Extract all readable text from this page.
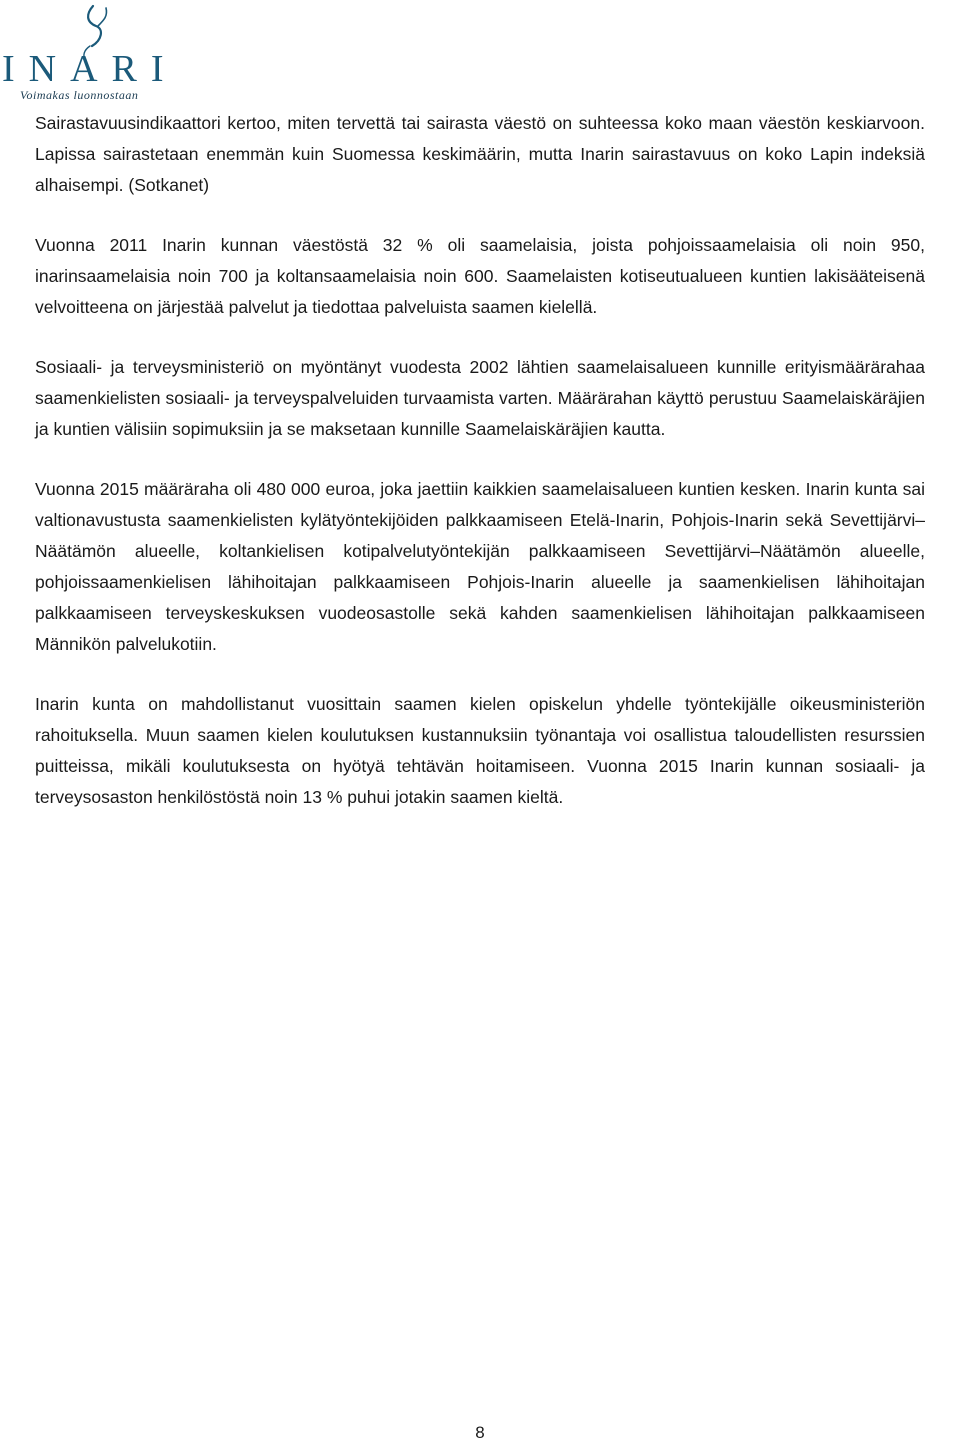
INARI
Voimakas luonnostaan

Sairastavuusindikaattori kertoo, miten tervettä tai sairasta väestö on suhteessa koko maan väestön keskiarvoon. Lapissa sairastetaan enemmän kuin Suomessa keskimäärin, mutta Inarin sairastavuus on koko Lapin indeksiä alhaisempi. (Sotkanet)

Vuonna 2011 Inarin kunnan väestöstä 32 % oli saamelaisia, joista pohjoissaamelaisia oli noin 950, inarinsaamelaisia noin 700 ja koltansaamelaisia noin 600. Saamelaisten kotiseutualueen kuntien lakisääteisenä velvoitteena on järjestää palvelut ja tiedottaa palveluista saamen kielellä.

Sosiaali- ja terveysministeriö on myöntänyt vuodesta 2002 lähtien saamelaisalueen kunnille erityismäärärahaa saamenkielisten sosiaali- ja terveyspalveluiden turvaamista varten. Määrärahan käyttö perustuu Saamelaiskäräjien ja kuntien välisiin sopimuksiin ja se maksetaan kunnille Saamelaiskäräjien kautta.

Vuonna 2015 määräraha oli 480 000 euroa, joka jaettiin kaikkien saamelaisalueen kuntien kesken. Inarin kunta sai valtionavustusta saamenkielisten kylätyöntekijöiden palkkaamiseen Etelä-Inarin, Pohjois-Inarin sekä Sevettijärvi–Näätämön alueelle, koltankielisen kotipalvelutyöntekijän palkkaamiseen Sevettijärvi–Näätämön alueelle, pohjoissaamenkielisen lähihoitajan palkkaamiseen Pohjois-Inarin alueelle ja saamenkielisen lähihoitajan palkkaamiseen terveyskeskuksen vuodeosastolle sekä kahden saamenkielisen lähihoitajan palkkaamiseen Männikön palvelukotiin.

Inarin kunta on mahdollistanut vuosittain saamen kielen opiskelun yhdelle työntekijälle oikeusministeriön rahoituksella. Muun saamen kielen koulutuksen kustannuksiin työnantaja voi osallistua taloudellisten resurssien puitteissa, mikäli koulutuksesta on hyötyä tehtävän hoitamiseen. Vuonna 2015 Inarin kunnan sosiaali- ja terveysosaston henkilöstöstä noin 13 % puhui jotakin saamen kieltä.

8
